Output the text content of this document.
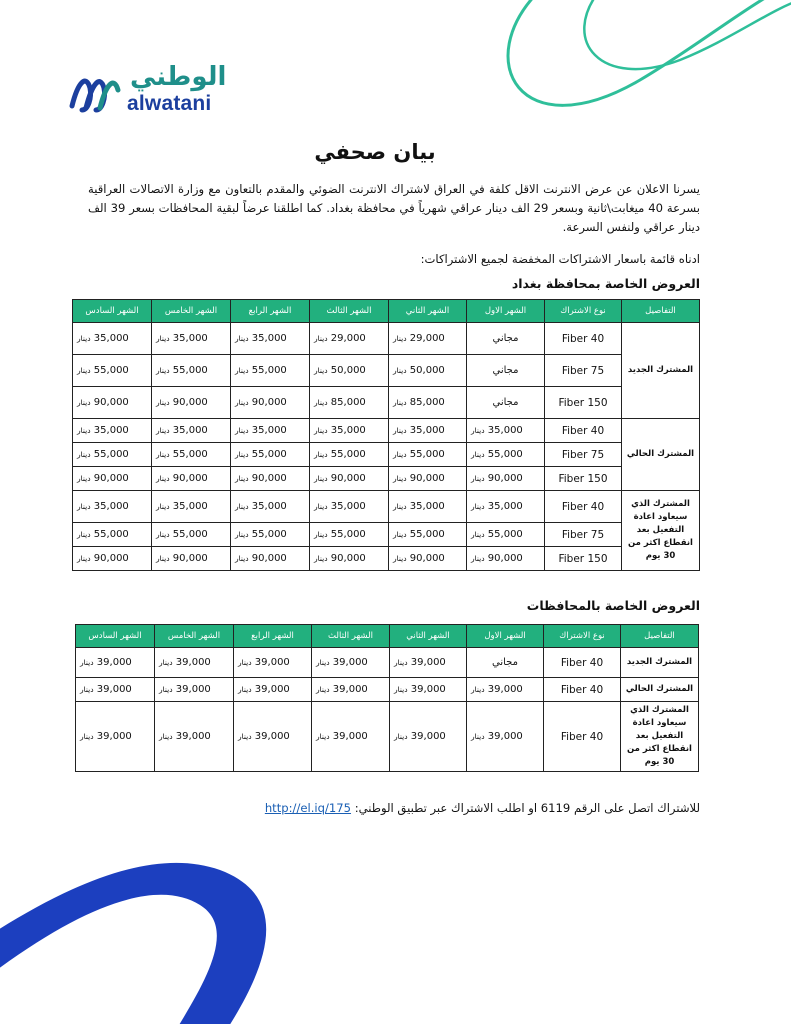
الوطني
alwatani
بيان صحفي
يسرنا الاعلان عن عرض الانترنت الاقل كلفة في العراق لاشتراك الانترنت الضوئي والمقدم بالتعاون مع وزارة الاتصالات العراقية بسرعة 40 ميغابت\ثانية وبسعر 29 الف دينار عراقي شهرياً في محافظة بغداد. كما اطلقنا عرضاً لبقية المحافظات بسعر 39 الف دينار عراقي ولنفس السرعة.
ادناه قائمة باسعار الاشتراكات المخفضة لجميع الاشتراكات:
العروض الخاصة بمحافظة بغداد
التفاصيل	نوع الاشتراك	الشهر الاول	الشهر الثاني	الشهر الثالث	الشهر الرابع	الشهر الخامس	الشهر السادس
المشترك الجديد	Fiber 40	مجاني	29,000 دينار	29,000 دينار	35,000 دينار	35,000 دينار	35,000 دينار
	Fiber 75	مجاني	50,000 دينار	50,000 دينار	55,000 دينار	55,000 دينار	55,000 دينار
	Fiber 150	مجاني	85,000 دينار	85,000 دينار	90,000 دينار	90,000 دينار	90,000 دينار
المشترك الحالي	Fiber 40	35,000 دينار	35,000 دينار	35,000 دينار	35,000 دينار	35,000 دينار	35,000 دينار
	Fiber 75	55,000 دينار	55,000 دينار	55,000 دينار	55,000 دينار	55,000 دينار	55,000 دينار
	Fiber 150	90,000 دينار	90,000 دينار	90,000 دينار	90,000 دينار	90,000 دينار	90,000 دينار
المشترك الذي سيعاود اعادة التفعيل بعد انقطاع اكثر من 30 يوم	Fiber 40	35,000 دينار	35,000 دينار	35,000 دينار	35,000 دينار	35,000 دينار	35,000 دينار
	Fiber 75	55,000 دينار	55,000 دينار	55,000 دينار	55,000 دينار	55,000 دينار	55,000 دينار
	Fiber 150	90,000 دينار	90,000 دينار	90,000 دينار	90,000 دينار	90,000 دينار	90,000 دينار
العروض الخاصة بالمحافظات
التفاصيل	نوع الاشتراك	الشهر الاول	الشهر الثاني	الشهر الثالث	الشهر الرابع	الشهر الخامس	الشهر السادس
المشترك الجديد	Fiber 40	مجاني	39,000 دينار	39,000 دينار	39,000 دينار	39,000 دينار	39,000 دينار
المشترك الحالي	Fiber 40	39,000 دينار	39,000 دينار	39,000 دينار	39,000 دينار	39,000 دينار	39,000 دينار
المشترك الذي سيعاود اعادة التفعيل بعد انقطاع اكثر من 30 يوم	Fiber 40	39,000 دينار	39,000 دينار	39,000 دينار	39,000 دينار	39,000 دينار	39,000 دينار
للاشتراك اتصل على الرقم 6119 او اطلب الاشتراك عبر تطبيق الوطني: http://el.iq/175
